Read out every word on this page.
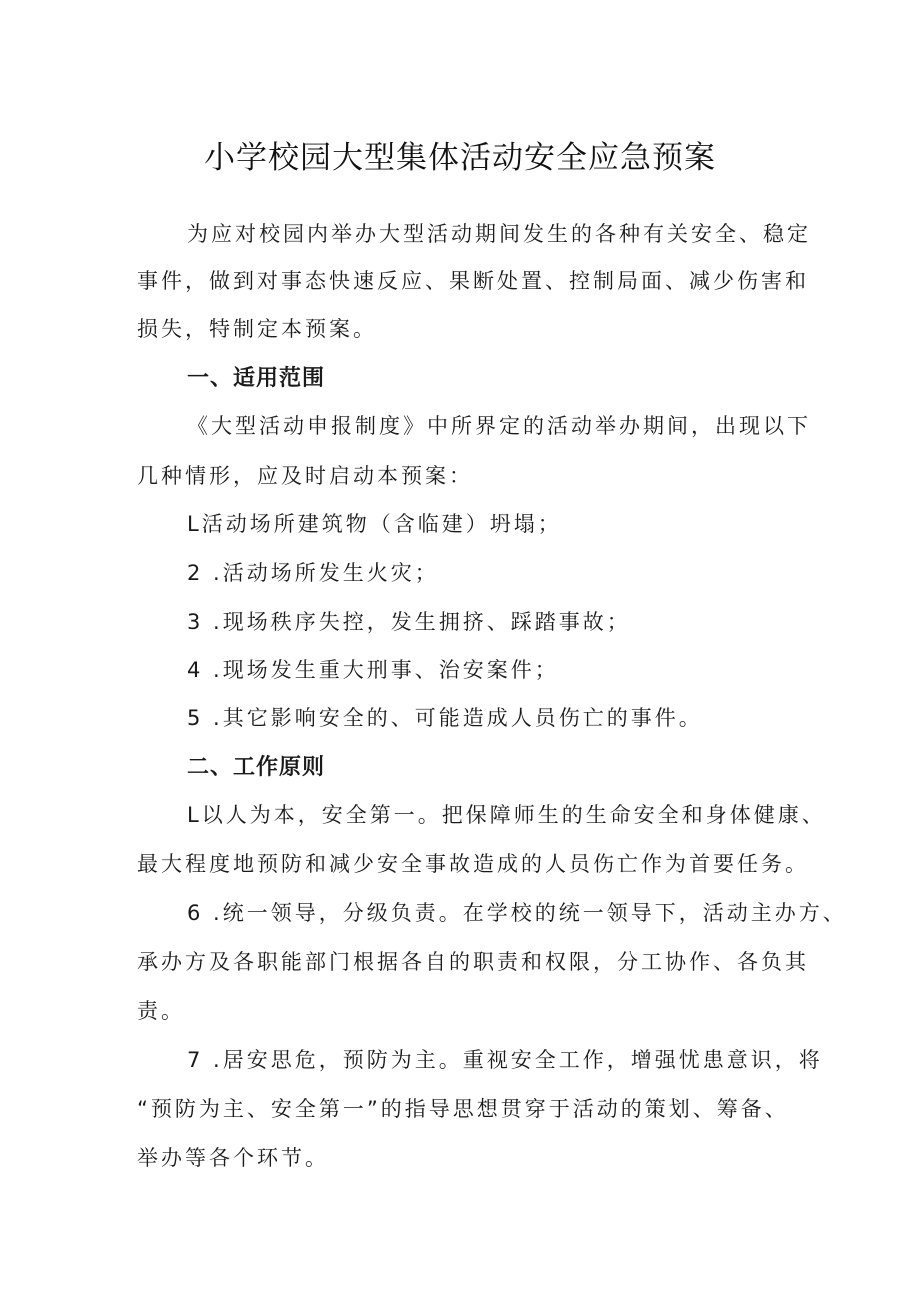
小学校园大型集体活动安全应急预案
为应对校园内举办大型活动期间发生的各种有关安全、稳定
事件，做到对事态快速反应、果断处置、控制局面、减少伤害和
损失，特制定本预案。
一、适用范围
《大型活动申报制度》中所界定的活动举办期间，出现以下
几种情形，应及时启动本预案：
L活动场所建筑物（含临建）坍塌；
2 .活动场所发生火灾；
3 .现场秩序失控，发生拥挤、踩踏事故；
4 .现场发生重大刑事、治安案件；
5 .其它影响安全的、可能造成人员伤亡的事件。
二、工作原则
L以人为本，安全第一。把保障师生的生命安全和身体健康、
最大程度地预防和减少安全事故造成的人员伤亡作为首要任务。
6 .统一领导，分级负责。在学校的统一领导下，活动主办方、
承办方及各职能部门根据各自的职责和权限，分工协作、各负其
责。
7 .居安思危，预防为主。重视安全工作，增强忧患意识，将
“预防为主、安全第一”的指导思想贯穿于活动的策划、筹备、
举办等各个环节。
